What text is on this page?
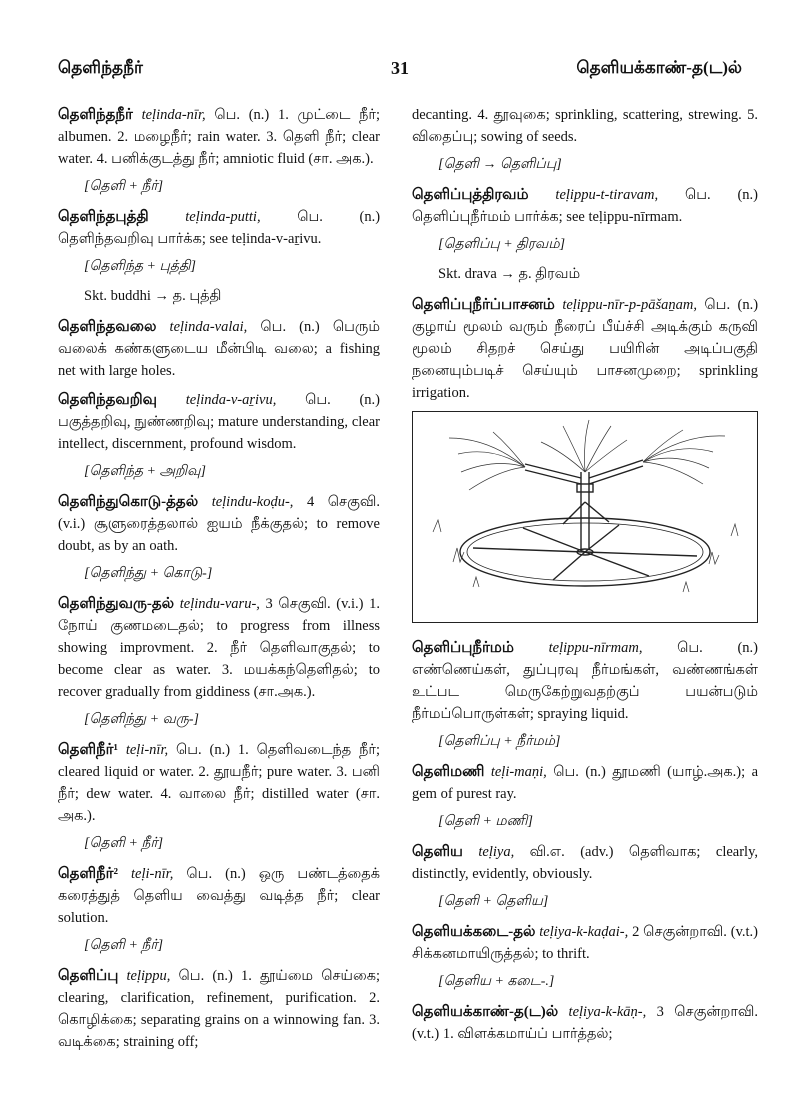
தெளிந்தநீர்	31	தெளியக்காண்-த(ட)ல்
தெளிந்தநீர் teḷinda-nīr, பெ. (n.) 1. முட்டை நீர்; albumen. 2. மழைநீர்; rain water. 3. தெளி நீர்; clear water. 4. பனிக்குடத்து நீர்; amniotic fluid (சா. அக.).
[தெளி + நீர்]
தெளிந்தபுத்தி	teḷinda-putti,	பெ. (n.) தெளிந்தவறிவு பார்க்க; see teḷinda-v-aṟivu.
[தெளிந்த + புத்தி]
Skt. buddhi → த. புத்தி
தெளிந்தவலை teḷinda-valai, பெ. (n.) பெரும் வலைக் கண்களுடைய மீன்பிடி வலை; a fishing net with large holes.
தெளிந்தவறிவு teḷinda-v-aṟivu, பெ. (n.) பகுத்தறிவு, நுண்ணறிவு; mature understanding, clear intellect, discernment, profound wisdom.
[தெளிந்த + அறிவு]
தெளிந்துகொடு-த்தல் teḷindu-koḍu-, 4 செகுவி. (v.i.) சூளுரைத்தலால் ஐயம் நீக்குதல்; to remove doubt, as by an oath.
[தெளிந்து + கொடு-]
தெளிந்துவரு-தல் teḷindu-varu-, 3 செகுவி. (v.i.) 1. நோய் குணமடைதல்; to progress from illness showing improvment. 2. நீர் தெளிவாகுதல்; to become clear as water. 3. மயக்கந்தெளிதல்; to recover gradually from giddiness (சா.அக.).
[தெளிந்து + வரு-]
தெளிநீர்¹ teḷi-nīr, பெ. (n.) 1. தெளிவடைந்த நீர்; cleared liquid or water. 2. தூயநீர்; pure water. 3. பனி நீர்; dew water. 4. வாலை நீர்; distilled water (சா. அக.).
[தெளி + நீர்]
தெளிநீர்² teḷi-nīr, பெ. (n.) ஒரு பண்டத்தைக் கரைத்துத் தெளிய வைத்து வடித்த நீர்; clear solution.
[தெளி + நீர்]
தெளிப்பு teḷippu, பெ. (n.) 1. தூய்மை செய்கை; clearing, clarification, refinement, purification. 2. கொழிக்கை; separating grains on a winnowing fan. 3. வடிக்கை; straining off;
decanting. 4. தூவுகை; sprinkling, scattering, strewing. 5. விதைப்பு; sowing of seeds.
[தெளி → தெளிப்பு]
தெளிப்புத்திரவம் teḷippu-t-tiravam, பெ. (n.) தெளிப்புநீர்மம் பார்க்க; see teḷippu-nīrmam.
[தெளிப்பு + திரவம்]
Skt. drava → த. திரவம்
தெளிப்புநீர்ப்பாசனம் teḷippu-nīr-p-pāšaṉam, பெ. (n.) குழாய் மூலம் வரும் நீரைப் பீய்ச்சி அடிக்கும் கருவி மூலம் சிதறச் செய்து பயிரின் அடிப்பகுதி நனையும்படிச் செய்யும் பாசனமுறை; sprinkling irrigation.
தெளிப்புநீர்மம் teḷippu-nīrmam, பெ. (n.) எண்ணெய்கள், துப்புரவு நீர்மங்கள், வண்ணங்கள் உட்பட மெருகேற்றுவதற்குப் பயன்படும் நீர்மப்பொருள்கள்; spraying liquid.
[தெளிப்பு + நீர்மம்]
தெளிமணி teḷi-maṇi, பெ. (n.) தூமணி (யாழ்.அக.); a gem of purest ray.
[தெளி + மணி]
தெளிய teḷiya, வி.எ. (adv.) தெளிவாக; clearly, distinctly, evidently, obviously.
[தெளி + தெளிய]
தெளியக்கடை-தல் teḷiya-k-kaḍai-, 2 செகுன்றாவி. (v.t.) சிக்கனமாயிருத்தல்; to thrift.
[தெளிய + கடை-.]
தெளியக்காண்-த(ட)ல் teḷiya-k-kāṇ-, 3 செகுன்றாவி. (v.t.) 1. விளக்கமாய்ப் பார்த்தல்;
